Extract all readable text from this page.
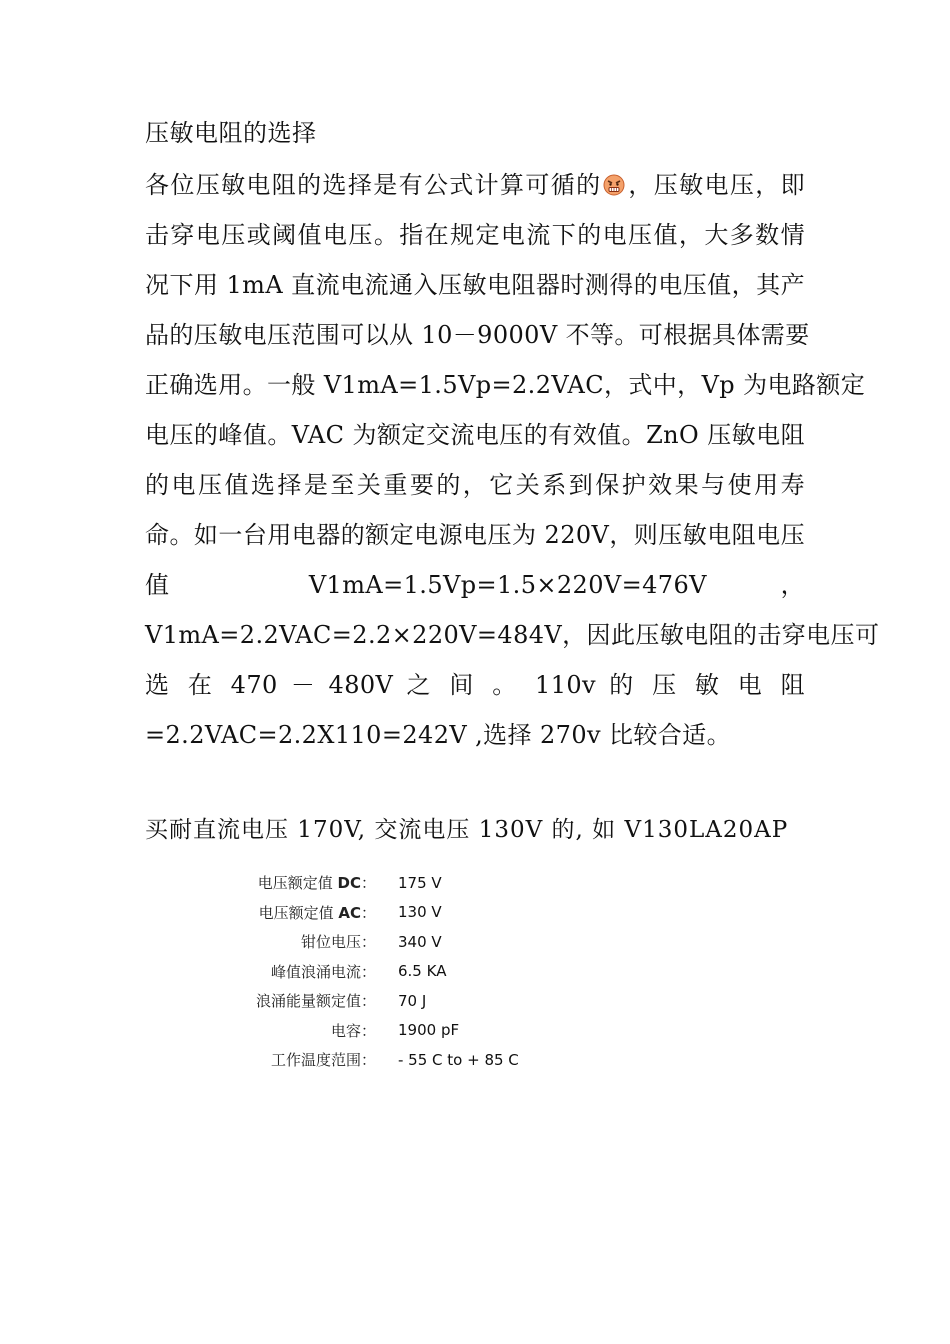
压敏电阻的选择
各位压敏电阻的选择是有公式计算可循的 ，压敏电压，即
击穿电压或阈值电压。指在规定电流下的电压值，大多数情
况下用 1mA 直流电流通入压敏电阻器时测得的电压值，其产
品的压敏电压范围可以从 10－9000V 不等。可根据具体需要
正确选用。一般 V1mA=1.5Vp=2.2VAC，式中，Vp 为电路额定
电压的峰值。VAC 为额定交流电压的有效值。ZnO 压敏电阻
的电压值选择是至关重要的，它关系到保护效果与使用寿
命。如一台用电器的额定电源电压为 220V，则压敏电阻电压
值 V1mA=1.5Vp=1.5×220V=476V ，
V1mA=2.2VAC=2.2×220V=484V，因此压敏电阻的击穿电压可
选 在 470 － 480V 之 间 。 110v 的 压 敏 电 阻
=2.2VAC=2.2X110=242V ,选择 270v 比较合适。
买耐直流电压 170V, 交流电压 130V 的, 如 V130LA20AP
电压额定值 DC：	175 V
电压额定值 AC：	130 V
钳位电压：	340 V
峰值浪涌电流：	6.5 KA
浪涌能量额定值：	70 J
电容：	1900 pF
工作温度范围：	- 55 C to + 85 C
